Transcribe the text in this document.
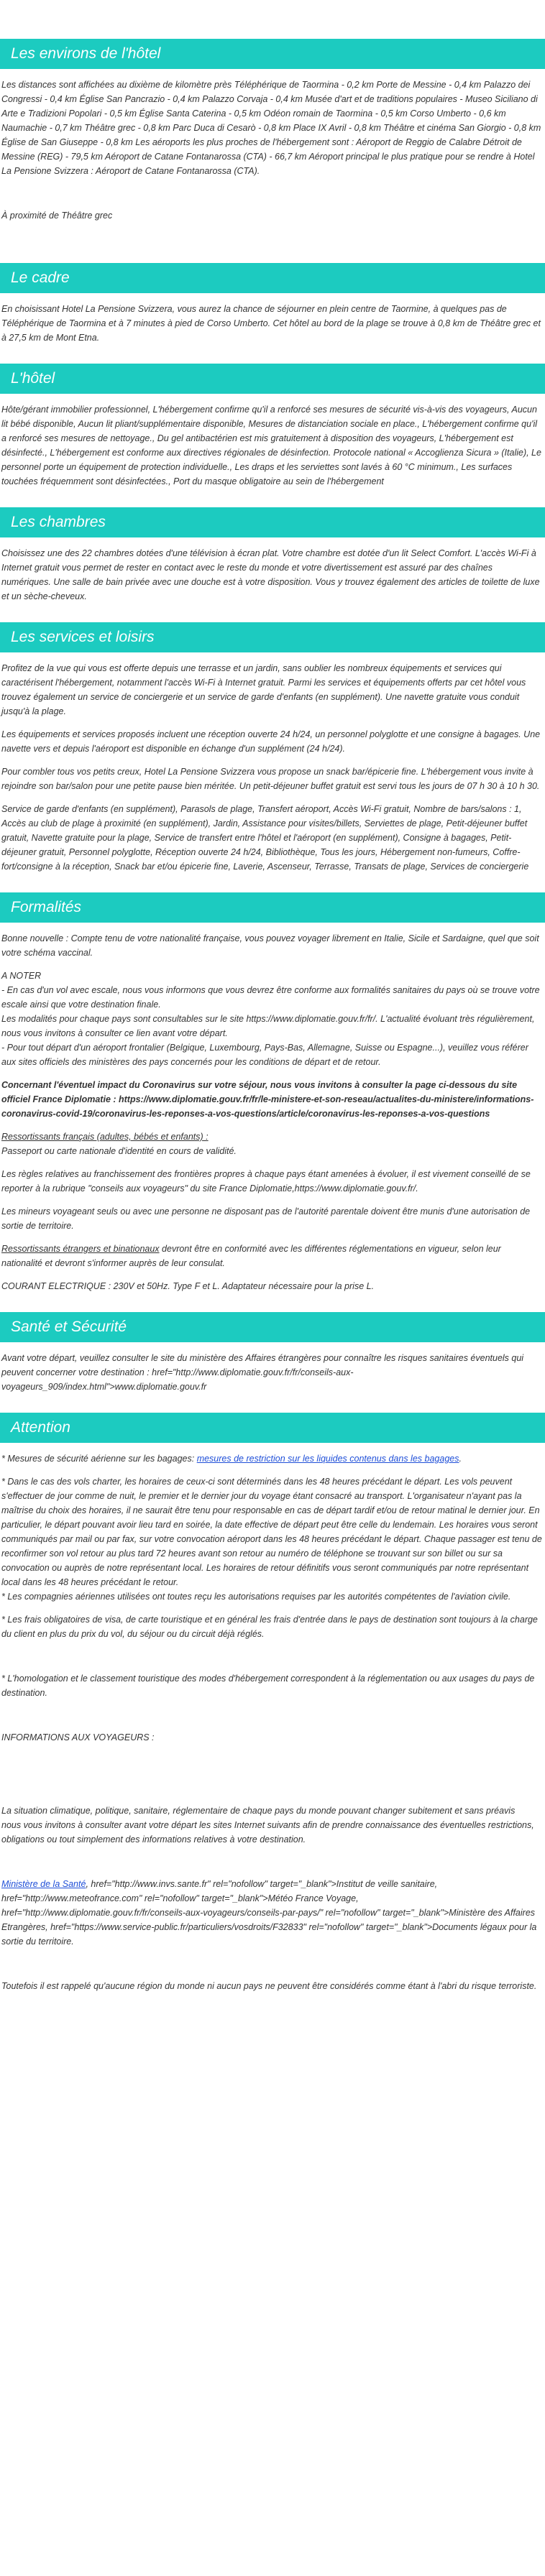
Les environs de l'hôtel

Les distances sont affichées au dixième de kilomètre près Téléphérique de Taormina - 0,2 km Porte de Messine - 0,4 km Palazzo dei Congressi - 0,4 km Église San Pancrazio - 0,4 km Palazzo Corvaja - 0,4 km Musée d'art et de traditions populaires - Museo Siciliano di Arte e Tradizioni Popolari - 0,5 km Église Santa Caterina - 0,5 km Odéon romain de Taormina - 0,5 km Corso Umberto - 0,6 km Naumachie - 0,7 km Théâtre grec - 0,8 km Parc Duca di Cesarò - 0,8 km Place IX Avril - 0,8 km Théâtre et cinéma San Giorgio - 0,8 km Église de San Giuseppe - 0,8 km Les aéroports les plus proches de l'hébergement sont : Aéroport de Reggio de Calabre Détroit de Messine (REG) - 79,5 km Aéroport de Catane Fontanarossa (CTA) - 66,7 km Aéroport principal le plus pratique pour se rendre à Hotel La Pensione Svizzera : Aéroport de Catane Fontanarossa (CTA).

À proximité de Théâtre grec

Le cadre

En choisissant Hotel La Pensione Svizzera, vous aurez la chance de séjourner en plein centre de Taormine, à quelques pas de Téléphérique de Taormina et à 7 minutes à pied de Corso Umberto. Cet hôtel au bord de la plage se trouve à 0,8 km de Théâtre grec et à 27,5 km de Mont Etna.

L'hôtel

Hôte/gérant immobilier professionnel, L'hébergement confirme qu'il a renforcé ses mesures de sécurité vis-à-vis des voyageurs, Aucun lit bébé disponible, Aucun lit pliant/supplémentaire disponible, Mesures de distanciation sociale en place., L'hébergement confirme qu'il a renforcé ses mesures de nettoyage., Du gel antibactérien est mis gratuitement à disposition des voyageurs, L'hébergement est désinfecté., L'hébergement est conforme aux directives régionales de désinfection. Protocole national « Accoglienza Sicura » (Italie), Le personnel porte un équipement de protection individuelle., Les draps et les serviettes sont lavés à 60 °C minimum., Les surfaces touchées fréquemment sont désinfectées., Port du masque obligatoire au sein de l'hébergement

Les chambres

Choisissez une des 22 chambres dotées d'une télévision à écran plat. Votre chambre est dotée d'un lit Select Comfort. L'accès Wi-Fi à Internet gratuit vous permet de rester en contact avec le reste du monde et votre divertissement est assuré par des chaînes numériques. Une salle de bain privée avec une douche est à votre disposition. Vous y trouvez également des articles de toilette de luxe et un sèche-cheveux.

Les services et loisirs

Profitez de la vue qui vous est offerte depuis une terrasse et un jardin, sans oublier les nombreux équipements et services qui caractérisent l'hébergement, notamment l'accès Wi-Fi à Internet gratuit. Parmi les services et équipements offerts par cet hôtel vous trouvez également un service de conciergerie et un service de garde d'enfants (en supplément). Une navette gratuite vous conduit jusqu'à la plage.

Les équipements et services proposés incluent une réception ouverte 24 h/24, un personnel polyglotte et une consigne à bagages. Une navette vers et depuis l'aéroport est disponible en échange d'un supplément (24 h/24).

Pour combler tous vos petits creux, Hotel La Pensione Svizzera vous propose un snack bar/épicerie fine. L'hébergement vous invite à rejoindre son bar/salon pour une petite pause bien méritée. Un petit-déjeuner buffet gratuit est servi tous les jours de 07 h 30 à 10 h 30.

Service de garde d'enfants (en supplément), Parasols de plage, Transfert aéroport, Accès Wi-Fi gratuit, Nombre de bars/salons : 1, Accès au club de plage à proximité (en supplément), Jardin, Assistance pour visites/billets, Serviettes de plage, Petit-déjeuner buffet gratuit, Navette gratuite pour la plage, Service de transfert entre l'hôtel et l'aéroport (en supplément), Consigne à bagages, Petit-déjeuner gratuit, Personnel polyglotte, Réception ouverte 24 h/24, Bibliothèque, Tous les jours, Hébergement non-fumeurs, Coffre-fort/consigne à la réception, Snack bar et/ou épicerie fine, Laverie, Ascenseur, Terrasse, Transats de plage, Services de conciergerie

Formalités

Bonne nouvelle : Compte tenu de votre nationalité française, vous pouvez voyager librement en Italie, Sicile et Sardaigne, quel que soit votre schéma vaccinal.

A NOTER
- En cas d'un vol avec escale, nous vous informons que vous devrez être conforme aux formalités sanitaires du pays où se trouve votre escale ainsi que votre destination finale.
Les modalités pour chaque pays sont consultables sur le site https://www.diplomatie.gouv.fr/fr/. L'actualité évoluant très régulièrement, nous vous invitons à consulter ce lien avant votre départ.
- Pour tout départ d'un aéroport frontalier (Belgique, Luxembourg, Pays-Bas, Allemagne, Suisse ou Espagne...), veuillez vous référer aux sites officiels des ministères des pays concernés pour les conditions de départ et de retour.

Concernant l'éventuel impact du Coronavirus sur votre séjour, nous vous invitons à consulter la page ci-dessous du site officiel France Diplomatie : https://www.diplomatie.gouv.fr/fr/le-ministere-et-son-reseau/actualites-du-ministere/informations-coronavirus-covid-19/coronavirus-les-reponses-a-vos-questions/article/coronavirus-les-reponses-a-vos-questions

Ressortissants français (adultes, bébés et enfants) :
Passeport ou carte nationale d'identité en cours de validité.

Les règles relatives au franchissement des frontières propres à chaque pays étant amenées à évoluer, il est vivement conseillé de se reporter à la rubrique "conseils aux voyageurs" du site France Diplomatie,https://www.diplomatie.gouv.fr/.

Les mineurs voyageant seuls ou avec une personne ne disposant pas de l'autorité parentale doivent être munis d'une autorisation de sortie de territoire.

Ressortissants étrangers et binationaux devront être en conformité avec les différentes réglementations en vigueur, selon leur nationalité et devront s'informer auprès de leur consulat.

COURANT ELECTRIQUE : 230V et 50Hz. Type F et L. Adaptateur nécessaire pour la prise L.

Santé et Sécurité

Avant votre départ, veuillez consulter le site du ministère des Affaires étrangères pour connaître les risques sanitaires éventuels qui peuvent concerner votre destination : href="http://www.diplomatie.gouv.fr/fr/conseils-aux-voyageurs_909/index.html">www.diplomatie.gouv.fr

Attention

* Mesures de sécurité aérienne sur les bagages: mesures de restriction sur les liquides contenus dans les bagages.

* Dans le cas des vols charter, les horaires de ceux-ci sont déterminés dans les 48 heures précédant le départ. Les vols peuvent s'effectuer de jour comme de nuit, le premier et le dernier jour du voyage étant consacré au transport. L'organisateur n'ayant pas la maîtrise du choix des horaires, il ne saurait être tenu pour responsable en cas de départ tardif et/ou de retour matinal le dernier jour. En particulier, le départ pouvant avoir lieu tard en soirée, la date effective de départ peut être celle du lendemain. Les horaires vous seront communiqués par mail ou par fax, sur votre convocation aéroport dans les 48 heures précédant le départ. Chaque passager est tenu de reconfirmer son vol retour au plus tard 72 heures avant son retour au numéro de téléphone se trouvant sur son billet ou sur sa convocation ou auprès de notre représentant local. Les horaires de retour définitifs vous seront communiqués par notre représentant local dans les 48 heures précédant le retour.
* Les compagnies aériennes utilisées ont toutes reçu les autorisations requises par les autorités compétentes de l'aviation civile.

* Les frais obligatoires de visa, de carte touristique et en général les frais d'entrée dans le pays de destination sont toujours à la charge du client en plus du prix du vol, du séjour ou du circuit déjà réglés.

* L'homologation et le classement touristique des modes d'hébergement correspondent à la réglementation ou aux usages du pays de destination.

INFORMATIONS AUX VOYAGEURS :

La situation climatique, politique, sanitaire, réglementaire de chaque pays du monde pouvant changer subitement et sans préavis
nous vous invitons à consulter avant votre départ les sites Internet suivants afin de prendre connaissance des éventuelles restrictions, obligations ou tout simplement des informations relatives à votre destination.

Ministère de la Santé, href="http://www.invs.sante.fr" rel="nofollow" target="_blank">Institut de veille sanitaire, href="http://www.meteofrance.com" rel="nofollow" target="_blank">Météo France Voyage, href="http://www.diplomatie.gouv.fr/fr/conseils-aux-voyageurs/conseils-par-pays/" rel="nofollow" target="_blank">Ministère des Affaires Etrangères, href="https://www.service-public.fr/particuliers/vosdroits/F32833" rel="nofollow" target="_blank">Documents légaux pour la sortie du territoire.

Toutefois il est rappelé qu'aucune région du monde ni aucun pays ne peuvent être considérés comme étant à l'abri du risque terroriste.
